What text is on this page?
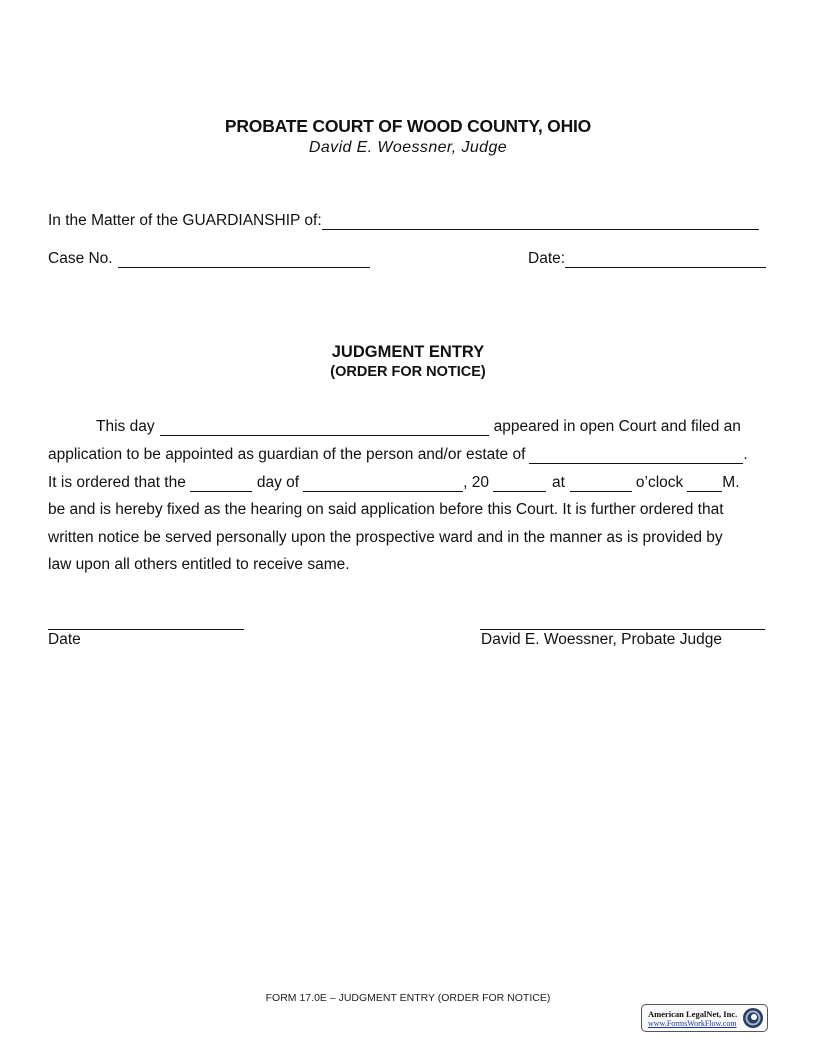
PROBATE COURT OF WOOD COUNTY, OHIO
David E. Woessner, Judge
In the Matter of the GUARDIANSHIP of:
Case No.	Date:
JUDGMENT ENTRY
(ORDER FOR NOTICE)
This day	appeared in open Court and filed an
application to be appointed as guardian of the person and/or estate of	.
It is ordered that the	day of	, 20	at	o’clock	M.
be and is hereby fixed as the hearing on said application before this Court. It is further ordered that
written notice be served personally upon the prospective ward and in the manner as is provided by
law upon all others entitled to receive same.
Date	David E. Woessner, Probate Judge
FORM 17.0E – JUDGMENT ENTRY (ORDER FOR NOTICE)
American LegalNet, Inc.
www.FormsWorkFlow.com
